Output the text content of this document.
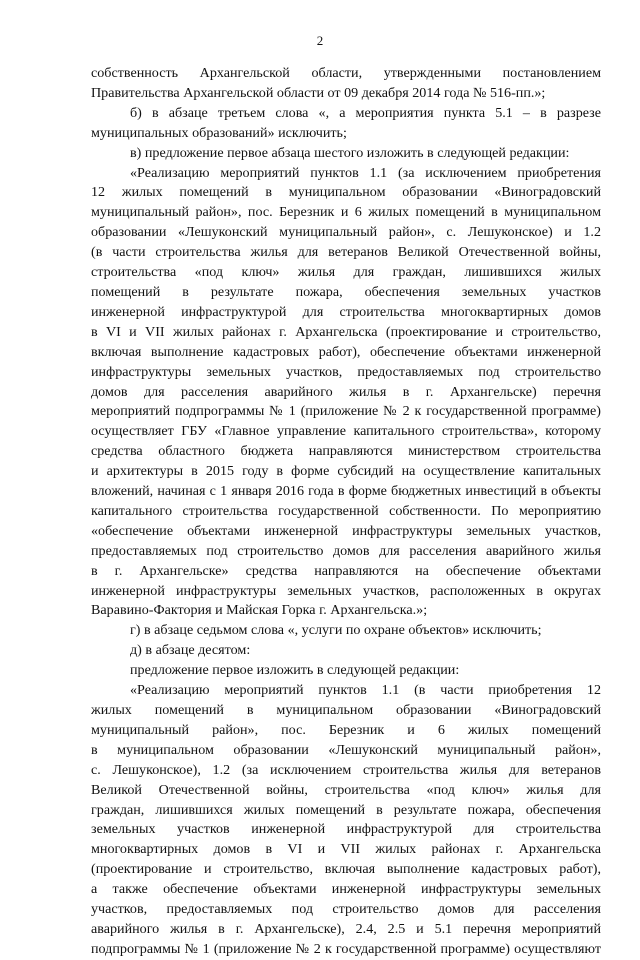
2
собственность Архангельской области, утвержденными постановлением
Правительства Архангельской области от 09 декабря 2014 года № 516-пп.»;
б) в абзаце третьем слова «, а мероприятия пункта 5.1 – в разрезе
муниципальных образований» исключить;
в) предложение первое абзаца шестого изложить в следующей редакции:
«Реализацию мероприятий пунктов 1.1 (за исключением приобретения
12 жилых помещений в муниципальном образовании «Виноградовский
муниципальный район», пос. Березник и 6 жилых помещений в муниципальном
образовании «Лешуконский муниципальный район», с. Лешуконское) и 1.2
(в части строительства жилья для ветеранов Великой Отечественной войны,
строительства «под ключ» жилья для граждан, лишившихся жилых
помещений в результате пожара, обеспечения земельных участков
инженерной инфраструктурой для строительства многоквартирных домов
в VI и VII жилых районах г. Архангельска (проектирование и строительство,
включая выполнение кадастровых работ), обеспечение объектами инженерной
инфраструктуры земельных участков, предоставляемых под строительство
домов для расселения аварийного жилья в г. Архангельске) перечня
мероприятий подпрограммы № 1 (приложение № 2 к государственной программе)
осуществляет ГБУ «Главное управление капитального строительства», которому
средства областного бюджета направляются министерством строительства
и архитектуры в 2015 году в форме субсидий на осуществление капитальных
вложений, начиная с 1 января 2016 года в форме бюджетных инвестиций в объекты
капитального строительства государственной собственности. По мероприятию
«обеспечение объектами инженерной инфраструктуры земельных участков,
предоставляемых под строительство домов для расселения аварийного жилья
в г. Архангельске» средства направляются на обеспечение объектами
инженерной инфраструктуры земельных участков, расположенных в округах
Варавино-Фактория и Майская Горка г. Архангельска.»;
г) в абзаце седьмом слова «, услуги по охране объектов» исключить;
д) в абзаце десятом:
предложение первое изложить в следующей редакции:
«Реализацию мероприятий пунктов 1.1 (в части приобретения 12
жилых помещений в муниципальном образовании «Виноградовский
муниципальный район», пос. Березник и 6 жилых помещений
в муниципальном образовании «Лешуконский муниципальный район»,
с. Лешуконское), 1.2 (за исключением строительства жилья для ветеранов
Великой Отечественной войны, строительства «под ключ» жилья для
граждан, лишившихся жилых помещений в результате пожара, обеспечения
земельных участков инженерной инфраструктурой для строительства
многоквартирных домов в VI и VII жилых районах г. Архангельска
(проектирование и строительство, включая выполнение кадастровых работ),
а также обеспечение объектами инженерной инфраструктуры земельных
участков, предоставляемых под строительство домов для расселения
аварийного жилья в г. Архангельске), 2.4, 2.5 и 5.1 перечня мероприятий
подпрограммы № 1 (приложение № 2 к государственной программе) осуществляют
